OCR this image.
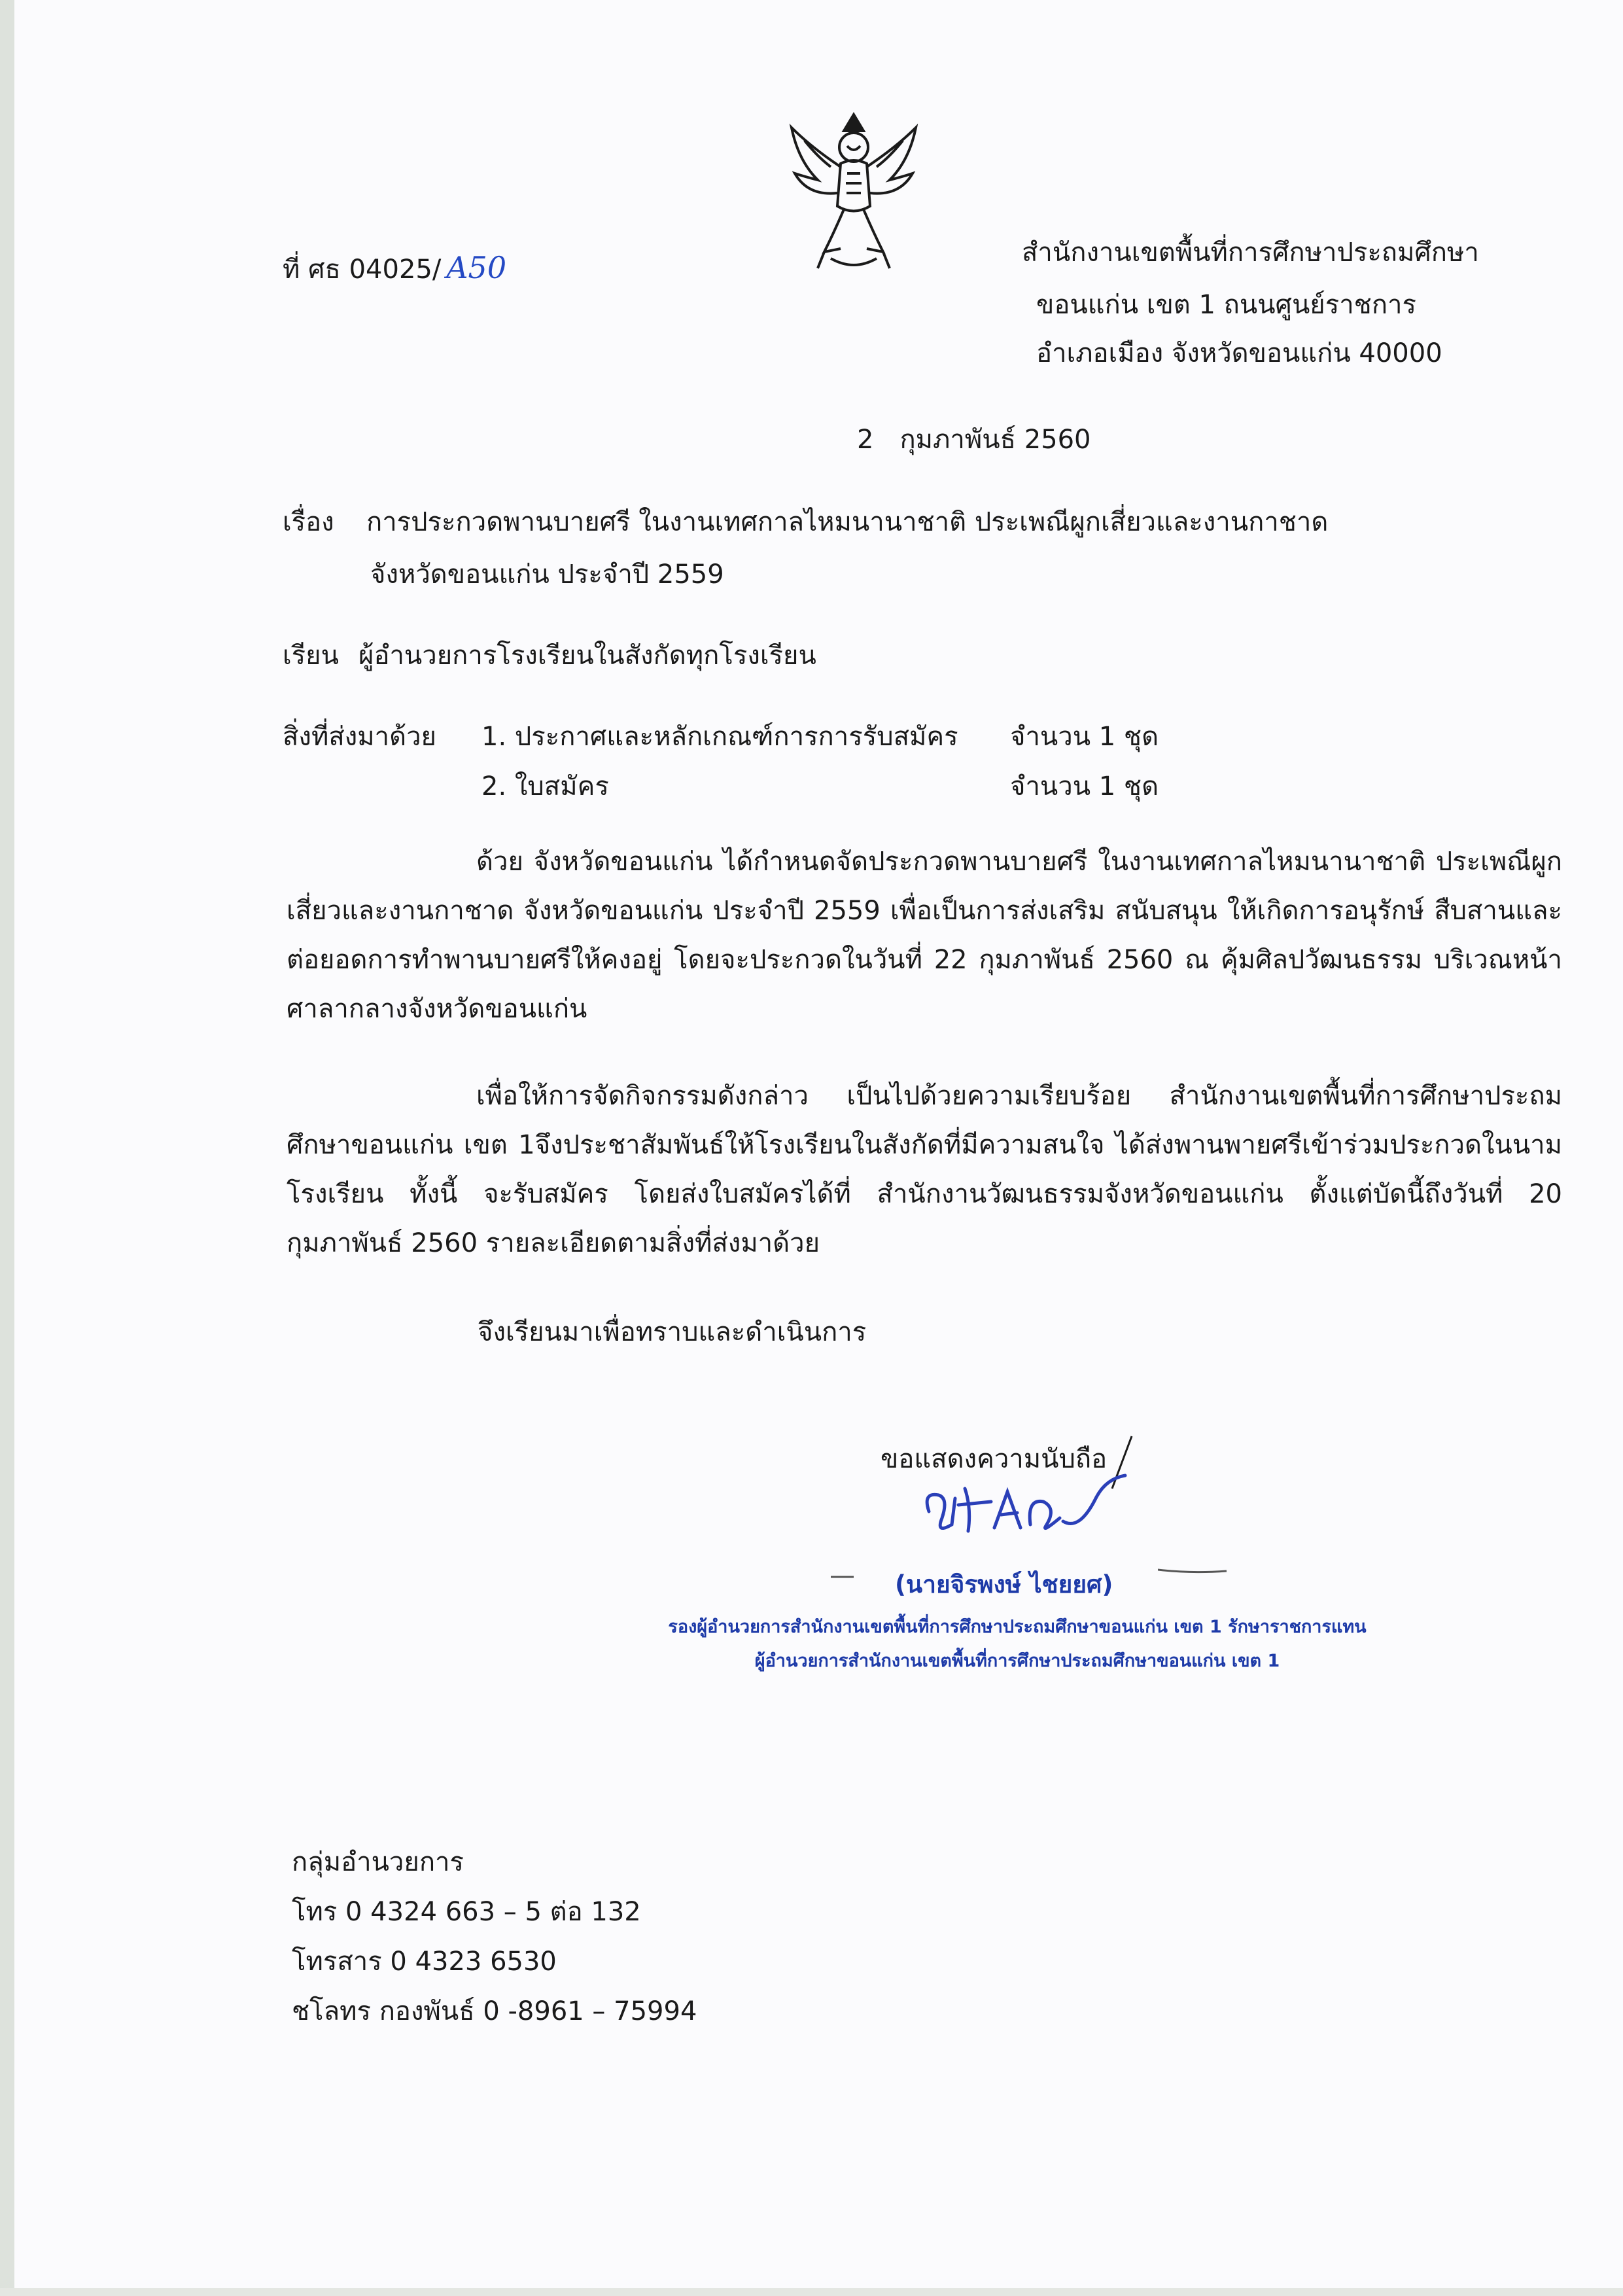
ที่ ศธ 04025/ A50	สำนักงานเขตพื้นที่การศึกษาประถมศึกษา
ขอนแก่น เขต 1 ถนนศูนย์ราชการ
อำเภอเมือง จังหวัดขอนแก่น 40000
2 กุมภาพันธ์ 2560
เรื่อง การประกวดพานบายศรี ในงานเทศกาลไหมนานาชาติ ประเพณีผูกเสี่ยวและงานกาชาด
จังหวัดขอนแก่น ประจำปี 2559
เรียน ผู้อำนวยการโรงเรียนในสังกัดทุกโรงเรียน
สิ่งที่ส่งมาด้วย 1. ประกาศและหลักเกณฑ์การการรับสมัคร จำนวน 1 ชุด
2. ใบสมัคร	จำนวน 1 ชุด
ด้วย จังหวัดขอนแก่น ได้กำหนดจัดประกวดพานบายศรี ในงานเทศกาลไหมนานาชาติ ประเพณีผูกเสี่ยวและงานกาชาด จังหวัดขอนแก่น ประจำปี 2559 เพื่อเป็นการส่งเสริม สนับสนุน ให้เกิดการอนุรักษ์ สืบสานและต่อยอดการทำพานบายศรีให้คงอยู่ โดยจะประกวดในวันที่ 22 กุมภาพันธ์ 2560 ณ คุ้มศิลปวัฒนธรรม บริเวณหน้าศาลากลางจังหวัดขอนแก่น
เพื่อให้การจัดกิจกรรมดังกล่าว เป็นไปด้วยความเรียบร้อย สำนักงานเขตพื้นที่การศึกษาประถมศึกษาขอนแก่น เขต 1จึงประชาสัมพันธ์ให้โรงเรียนในสังกัดที่มีความสนใจ ได้ส่งพานพายศรีเข้าร่วมประกวดในนามโรงเรียน ทั้งนี้ จะรับสมัคร โดยส่งใบสมัครได้ที่ สำนักงานวัฒนธรรมจังหวัดขอนแก่น ตั้งแต่บัดนี้ถึงวันที่ 20 กุมภาพันธ์ 2560 รายละเอียดตามสิ่งที่ส่งมาด้วย
จึงเรียนมาเพื่อทราบและดำเนินการ
ขอแสดงความนับถือ
(นายจิรพงษ์ ไชยยศ)
รองผู้อำนวยการสำนักงานเขตพื้นที่การศึกษาประถมศึกษาขอนแก่น เขต 1 รักษาราชการแทน
ผู้อำนวยการสำนักงานเขตพื้นที่การศึกษาประถมศึกษาขอนแก่น เขต 1
กลุ่มอำนวยการ
โทร 0 4324 663 – 5 ต่อ 132
โทรสาร 0 4323 6530
ชโลทร กองพันธ์ 0 -8961 – 75994
